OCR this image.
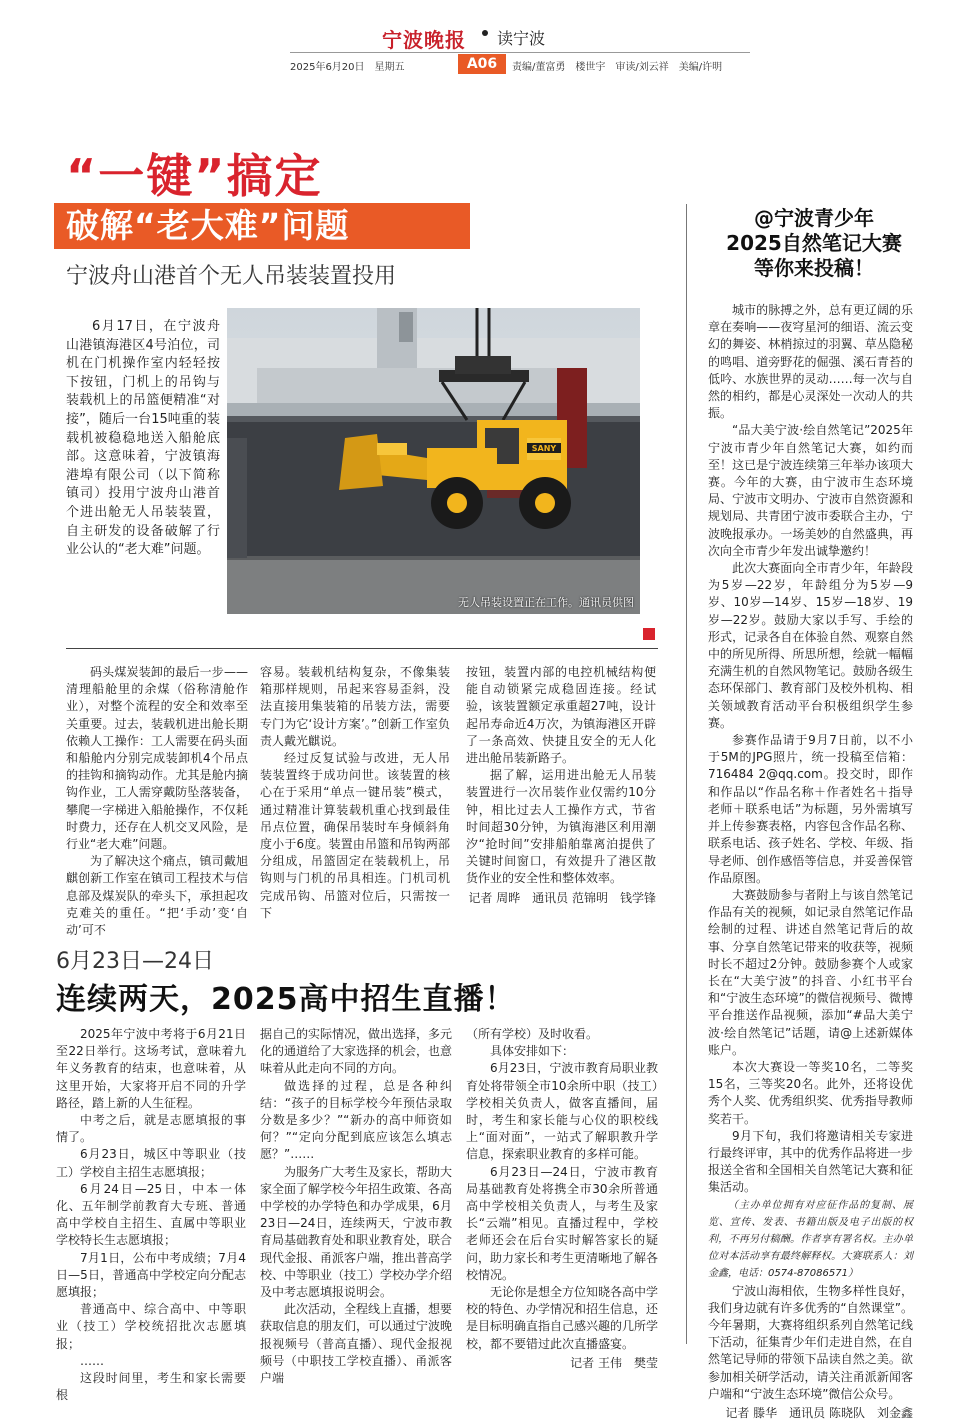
宁波晚报 读宁波
2025年6月20日　星期五	A06	责编/董富勇　楼世宇　审读/刘云祥　美编/许明
“一键”搞定
破解“老大难”问题
宁波舟山港首个无人吊装装置投用

6月17日，在宁波舟山港镇海港区4号泊位，司机在门机操作室内轻轻按下按钮，门机上的吊钩与装载机上的吊篮便精准“对接”，随后一台15吨重的装载机被稳稳地送入船舱底部。这意味着，宁波镇海港埠有限公司（以下简称镇司）投用宁波舟山港首个进出舱无人吊装装置，自主研发的设备破解了行业公认的“老大难”问题。

SANY
无人吊装设置正在工作。通讯员供图

码头煤炭装卸的最后一步——清理船舱里的余煤（俗称清舱作业），对整个流程的安全和效率至关重要。过去，装载机进出舱长期依赖人工操作：工人需要在码头面和船舱内分别完成装卸机4个吊点的挂钩和摘钩动作。尤其是舱内摘钩作业，工人需穿戴防坠落装备，攀爬一字梯进入船舱操作，不仅耗时费力，还存在人机交叉风险，是行业“老大难”问题。

为了解决这个痛点，镇司戴旭麒创新工作室在镇司工程技术与信息部及煤炭队的牵头下，承担起攻克难关的重任。“把‘手动’变‘自动’可不

容易。装载机结构复杂，不像集装箱那样规则，吊起来容易歪斜，没法直接用集装箱的吊装方法，需要专门为它‘设计方案’。”创新工作室负责人戴光麒说。

经过反复试验与改进，无人吊装装置终于成功问世。该装置的核心在于采用“单点一键吊装”模式，通过精准计算装载机重心找到最佳吊点位置，确保吊装时车身倾斜角度小于6度。装置由吊篮和吊钩两部分组成，吊篮固定在装载机上，吊钩则与门机的吊具相连。门机司机完成吊钩、吊篮对位后，只需按一下

按钮，装置内部的电控机械结构便能自动锁紧完成稳固连接。经试验，该装置额定承重超27吨，设计起吊寿命近4万次，为镇海港区开辟了一条高效、快捷且安全的无人化进出舱吊装新路子。

据了解，运用进出舱无人吊装装置进行一次吊装作业仅需约10分钟，相比过去人工操作方式，节省时间超30分钟，为镇海港区利用潮汐“抢时间”安排船舶靠离泊提供了关键时间窗口，有效提升了港区散货作业的安全性和整体效率。

记者 周晔　通讯员 范锦明　钱学锋

6月23日—24日
连续两天，2025高中招生直播！

2025年宁波中考将于6月21日至22日举行。这场考试，意味着九年义务教育的结束，也意味着，从这里开始，大家将开启不同的升学路径，踏上新的人生征程。

中考之后，就是志愿填报的事情了。

6月23日，城区中等职业（技工）学校自主招生志愿填报；

6月24日—25日，中本一体化、五年制学前教育大专班、普通高中学校自主招生、直属中等职业学校特长生志愿填报；

7月1日，公布中考成绩；7月4日—5日，普通高中学校定向分配志愿填报；

普通高中、综合高中、中等职业（技工）学校统招批次志愿填报；

……

这段时间里，考生和家长需要根

据自己的实际情况，做出选择，多元化的通道给了大家选择的机会，也意味着从此走向不同的方向。

做选择的过程，总是各种纠结：“孩子的目标学校今年预估录取分数是多少？”“新办的高中师资如何？”“定向分配到底应该怎么填志愿？”……

为服务广大考生及家长，帮助大家全面了解学校今年招生政策、各高中学校的办学特色和办学成果，6月23日—24日，连续两天，宁波市教育局基础教育处和职业教育处，联合现代金报、甬派客户端，推出普高学校、中等职业（技工）学校办学介绍及中考志愿填报说明会。

此次活动，全程线上直播，想要获取信息的朋友们，可以通过宁波晚报视频号（普高直播）、现代金报视频号（中职技工学校直播）、甬派客户端

（所有学校）及时收看。

具体安排如下：

6月23日，宁波市教育局职业教育处将带领全市10余所中职（技工）学校相关负责人，做客直播间，届时，考生和家长能与心仪的职校线上“面对面”，一站式了解职教升学信息，探索职业教育的多样可能。

6月23日—24日，宁波市教育局基础教育处将携全市30余所普通高中学校相关负责人，与考生及家长“云端”相见。直播过程中，学校老师还会在后台实时解答家长的疑问，助力家长和考生更清晰地了解各校情况。

无论你是想全方位知晓各高中学校的特色、办学情况和招生信息，还是目标明确直指自己感兴趣的几所学校，都不要错过此次直播盛宴。

记者 王伟　樊莹

@宁波青少年
2025自然笔记大赛
等你来投稿！

城市的脉搏之外，总有更辽阔的乐章在奏响——夜穹星河的细语、流云变幻的舞姿、林梢掠过的羽翼、草丛隐秘的鸣唱、道旁野花的倔强、溪石青苔的低吟、水族世界的灵动……每一次与自然的相约，都是心灵深处一次动人的共振。

“品大美宁波·绘自然笔记”2025年宁波市青少年自然笔记大赛，如约而至！这已是宁波连续第三年举办该项大赛。今年的大赛，由宁波市生态环境局、宁波市文明办、宁波市自然资源和规划局、共青团宁波市委联合主办，宁波晚报承办。一场美妙的自然盛典，再次向全市青少年发出诚挚邀约！

此次大赛面向全市青少年，年龄段为5岁—22岁，年龄组分为5岁—9岁、10岁—14岁、15岁—18岁、19岁—22岁。鼓励大家以手写、手绘的形式，记录各自在体验自然、观察自然中的所见所得、所思所想，绘就一幅幅充满生机的自然风物笔记。鼓励各级生态环保部门、教育部门及校外机构、相关领域教育活动平台积极组织学生参赛。

参赛作品请于9月7日前，以不小于5M的JPG照片，统一投稿至信箱：716484 2@qq.com。投交时，即作和作品以“作品名称＋作者姓名＋指导老师＋联系电话”为标题，另外需填写并上传参赛表格，内容包含作品名称、联系电话、孩子姓名、学校、年级、指导老师、创作感悟等信息，并妥善保管作品原图。

大赛鼓励参与者附上与该自然笔记作品有关的视频，如记录自然笔记作品绘制的过程、讲述自然笔记背后的故事、分享自然笔记带来的收获等，视频时长不超过2分钟。鼓励参赛个人或家长在“大美宁波”的抖音、小红书平台和“宁波生态环境”的微信视频号、微博平台推送作品视频，添加“#品大美宁波·绘自然笔记”话题，请@上述新媒体账户。

本次大赛设一等奖10名，二等奖15名，三等奖20名。此外，还将设优秀个人奖、优秀组织奖、优秀指导教师奖若干。

9月下旬，我们将邀请相关专家进行最终评审，其中的优秀作品将进一步报送全省和全国相关自然笔记大赛和征集活动。

（主办单位拥有对应征作品的复制、展览、宣传、发表、书籍出版及电子出版的权利，不再另付稿酬。作者享有署名权。主办单位对本活动享有最终解释权。大赛联系人：刘金鑫，电话：0574-87086571）

宁波山海相依，生物多样性良好，我们身边就有许多优秀的“自然课堂”。今年暑期，大赛将组织系列自然笔记线下活动，征集青少年们走进自然，在自然笔记导师的带领下品读自然之美。欲参加相关研学活动，请关注甬派新闻客户端和“宁波生态环境”微信公众号。

记者 滕华　通讯员 陈晓队　刘金鑫
